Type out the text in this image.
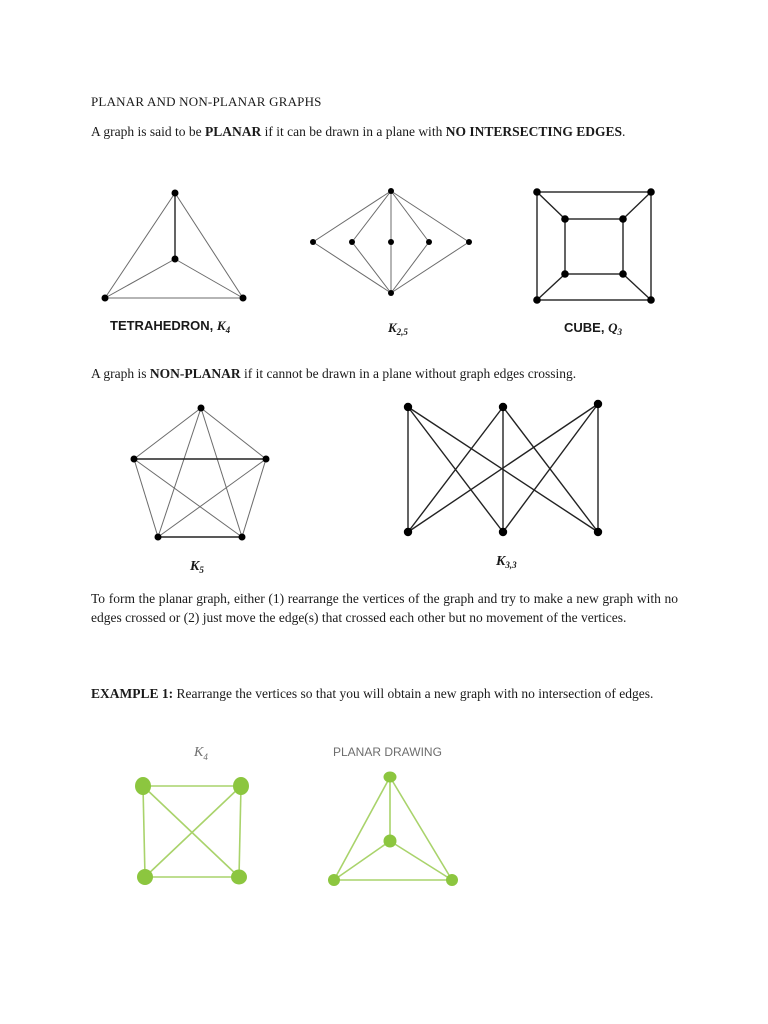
PLANAR AND NON-PLANAR GRAPHS
A graph is said to be PLANAR if it can be drawn in a plane with NO INTERSECTING EDGES.
TETRAHEDRON, $K_4$	$K_{2,5}$	CUBE, $Q_3$
A graph is NON-PLANAR if it cannot be drawn in a plane without graph edges crossing.
$K_5$
$K_{3,3}$
To form the planar graph, either (1) rearrange the vertices of the graph and try to make a new graph with no edges crossed or (2) just move the edge(s) that crossed each other but no movement of the vertices.
EXAMPLE 1: Rearrange the vertices so that you will obtain a new graph with no intersection of edges.
$K_4$	PLANAR DRAWING
